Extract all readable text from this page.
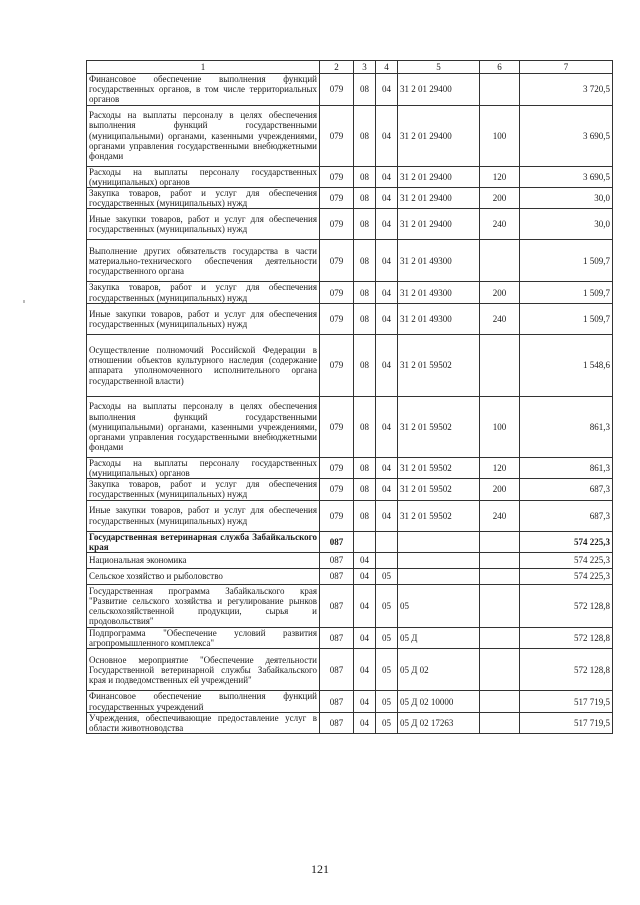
1	2	3	4	5	6	7
Финансовое обеспечение выполнения функций государственных органов, в том числе территориальных органов	079	08	04	31 2 01 29400		3 720,5
Расходы на выплаты персоналу в целях обеспечения выполнения функций государственными (муниципальными) органами, казенными учреждениями, органами управления государственными внебюджетными фондами	079	08	04	31 2 01 29400	100	3 690,5
Расходы на выплаты персоналу государственных (муниципальных) органов	079	08	04	31 2 01 29400	120	3 690,5
Закупка товаров, работ и услуг для обеспечения государственных (муниципальных) нужд	079	08	04	31 2 01 29400	200	30,0
Иные закупки товаров, работ и услуг для обеспечения государственных (муниципальных) нужд	079	08	04	31 2 01 29400	240	30,0
Выполнение других обязательств государства в части материально-технического обеспечения деятельности государственного органа	079	08	04	31 2 01 49300		1 509,7
Закупка товаров, работ и услуг для обеспечения государственных (муниципальных) нужд	079	08	04	31 2 01 49300	200	1 509,7
Иные закупки товаров, работ и услуг для обеспечения государственных (муниципальных) нужд	079	08	04	31 2 01 49300	240	1 509,7
Осуществление полномочий Российской Федерации в отношении объектов культурного наследия (содержание аппарата уполномоченного исполнительного органа государственной власти)	079	08	04	31 2 01 59502		1 548,6
Расходы на выплаты персоналу в целях обеспечения выполнения функций государственными (муниципальными) органами, казенными учреждениями, органами управления государственными внебюджетными фондами	079	08	04	31 2 01 59502	100	861,3
Расходы на выплаты персоналу государственных (муниципальных) органов	079	08	04	31 2 01 59502	120	861,3
Закупка товаров, работ и услуг для обеспечения государственных (муниципальных) нужд	079	08	04	31 2 01 59502	200	687,3
Иные закупки товаров, работ и услуг для обеспечения государственных (муниципальных) нужд	079	08	04	31 2 01 59502	240	687,3
Государственная ветеринарная служба Забайкальского края	087					574 225,3
Национальная экономика	087	04				574 225,3
Сельское хозяйство и рыболовство	087	04	05			574 225,3
Государственная программа Забайкальского края "Развитие сельского хозяйства и регулирование рынков сельскохозяйственной продукции, сырья и продовольствия"	087	04	05	05		572 128,8
Подпрограмма "Обеспечение условий развития агропромышленного комплекса"	087	04	05	05 Д		572 128,8
Основное мероприятие "Обеспечение деятельности Государственной ветеринарной службы Забайкальского края и подведомственных ей учреждений"	087	04	05	05 Д 02		572 128,8
Финансовое обеспечение выполнения функций государственных учреждений	087	04	05	05 Д 02 10000		517 719,5
Учреждения, обеспечивающие предоставление услуг в области животноводства	087	04	05	05 Д 02 17263		517 719,5
121
